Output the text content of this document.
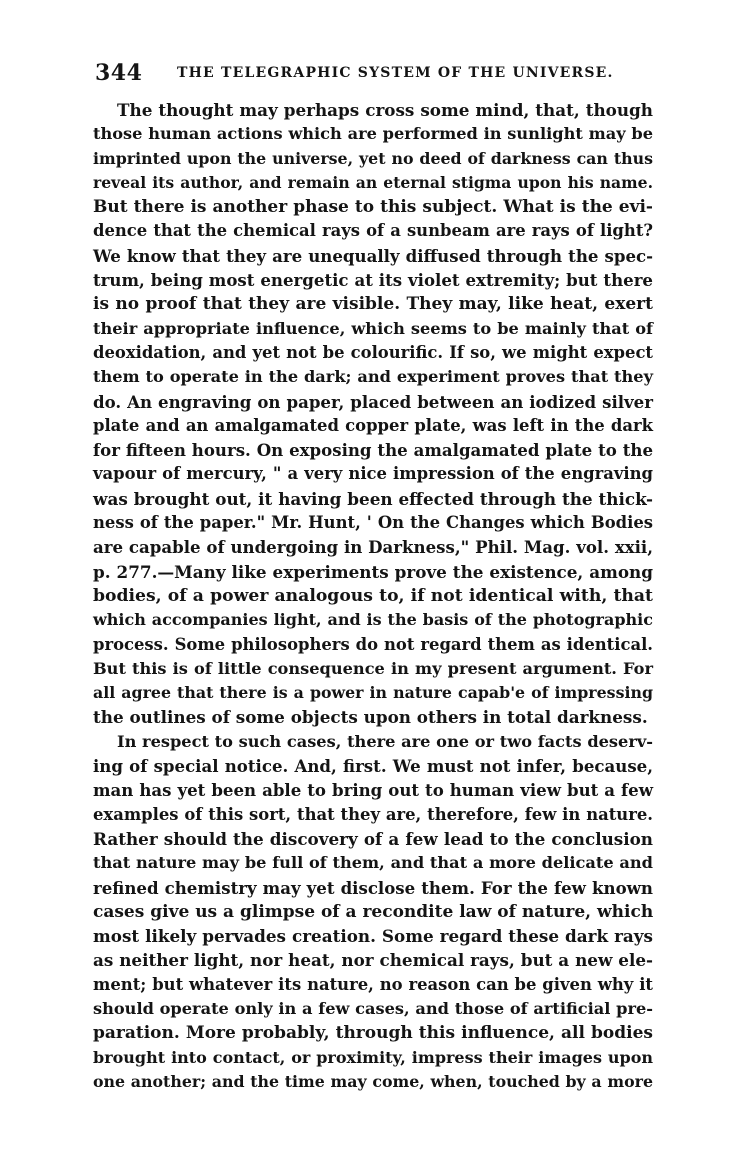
344 THE TELEGRAPHIC SYSTEM OF THE UNIVERSE.
The thought may perhaps cross some mind, that, though
those human actions which are performed in sunlight may be
imprinted upon the universe, yet no deed of darkness can thus
reveal its author, and remain an eternal stigma upon his name.
But there is another phase to this subject. What is the evi-
dence that the chemical rays of a sunbeam are rays of light?
We know that they are unequally diffused through the spec-
trum, being most energetic at its violet extremity; but there
is no proof that they are visible. They may, like heat, exert
their appropriate influence, which seems to be mainly that of
deoxidation, and yet not be colourific. If so, we might expect
them to operate in the dark; and experiment proves that they
do. An engraving on paper, placed between an iodized silver
plate and an amalgamated copper plate, was left in the dark
for fifteen hours. On exposing the amalgamated plate to the
vapour of mercury, " a very nice impression of the engraving
was brought out, it having been effected through the thick-
ness of the paper." Mr. Hunt, ' On the Changes which Bodies
are capable of undergoing in Darkness," Phil. Mag. vol. xxii,
p. 277.—Many like experiments prove the existence, among
bodies, of a power analogous to, if not identical with, that
which accompanies light, and is the basis of the photographic
process. Some philosophers do not regard them as identical.
But this is of little consequence in my present argument. For
all agree that there is a power in nature capab'e of impressing
the outlines of some objects upon others in total darkness.
In respect to such cases, there are one or two facts deserv-
ing of special notice. And, first. We must not infer, because,
man has yet been able to bring out to human view but a few
examples of this sort, that they are, therefore, few in nature.
Rather should the discovery of a few lead to the conclusion
that nature may be full of them, and that a more delicate and
refined chemistry may yet disclose them. For the few known
cases give us a glimpse of a recondite law of nature, which
most likely pervades creation. Some regard these dark rays
as neither light, nor heat, nor chemical rays, but a new ele-
ment; but whatever its nature, no reason can be given why it
should operate only in a few cases, and those of artificial pre-
paration. More probably, through this influence, all bodies
brought into contact, or proximity, impress their images upon
one another; and the time may come, when, touched by a more
